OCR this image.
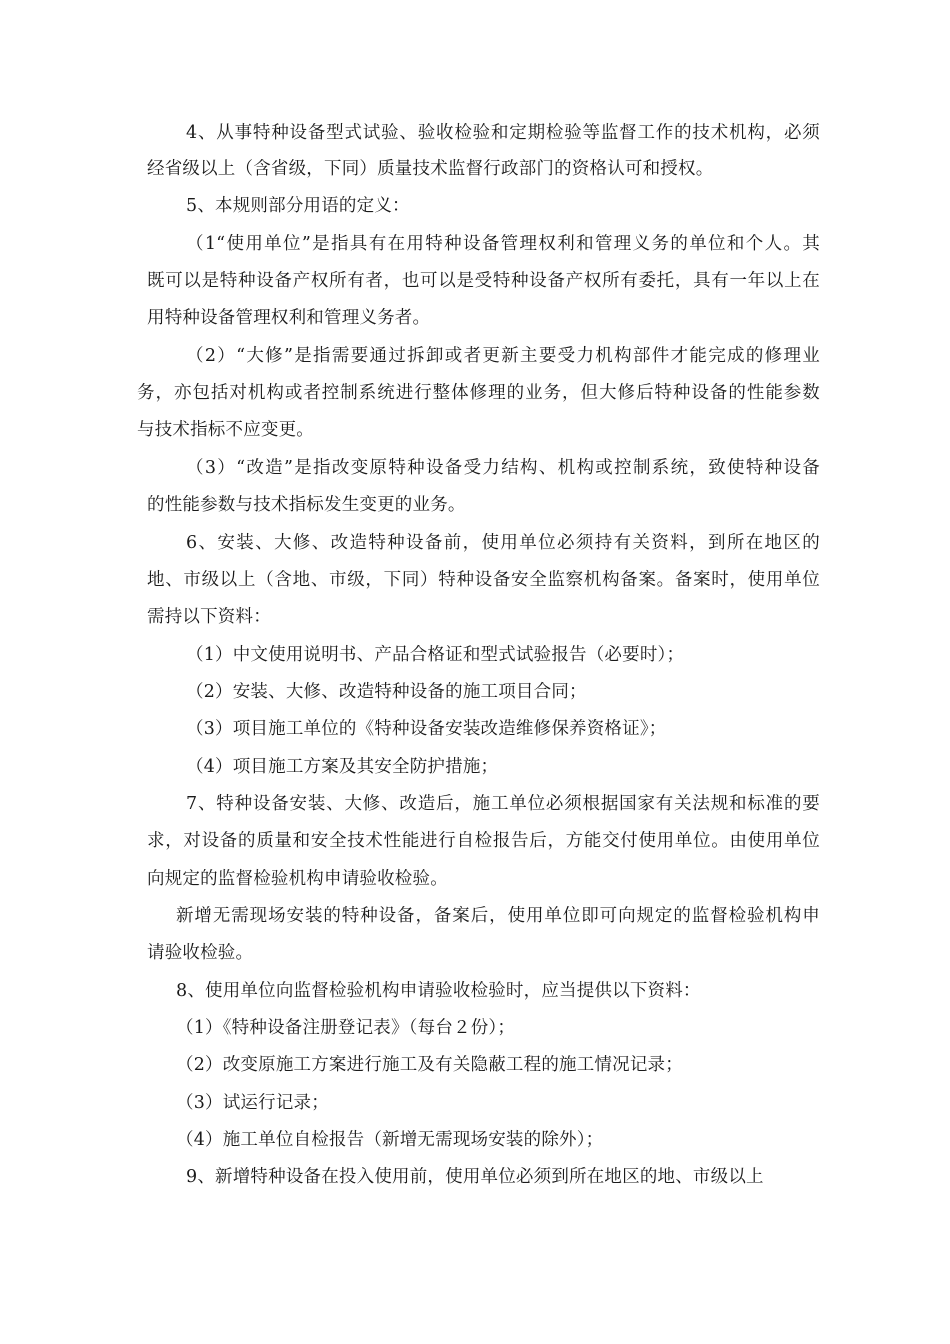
4、从事特种设备型式试验、验收检验和定期检验等监督工作的技术机构，必须
经省级以上（含省级，下同）质量技术监督行政部门的资格认可和授权。
5、本规则部分用语的定义：
（1“使用单位”是指具有在用特种设备管理权利和管理义务的单位和个人。其
既可以是特种设备产权所有者，也可以是受特种设备产权所有委托，具有一年以上在
用特种设备管理权利和管理义务者。
（2）“大修”是指需要通过拆卸或者更新主要受力机构部件才能完成的修理业
务，亦包括对机构或者控制系统进行整体修理的业务，但大修后特种设备的性能参数
与技术指标不应变更。
（3）“改造”是指改变原特种设备受力结构、机构或控制系统，致使特种设备
的性能参数与技术指标发生变更的业务。
6、安装、大修、改造特种设备前，使用单位必须持有关资料，到所在地区的
地、市级以上（含地、市级，下同）特种设备安全监察机构备案。备案时，使用单位
需持以下资料：
（1）中文使用说明书、产品合格证和型式试验报告（必要时）；
（2）安装、大修、改造特种设备的施工项目合同；
（3）项目施工单位的《特种设备安装改造维修保养资格证》；
（4）项目施工方案及其安全防护措施；
7、特种设备安装、大修、改造后，施工单位必须根据国家有关法规和标准的要
求，对设备的质量和安全技术性能进行自检报告后，方能交付使用单位。由使用单位
向规定的监督检验机构申请验收检验。
新增无需现场安装的特种设备，备案后，使用单位即可向规定的监督检验机构申
请验收检验。
8、使用单位向监督检验机构申请验收检验时，应当提供以下资料：
（1）《特种设备注册登记表》（每台２份）；
（2）改变原施工方案进行施工及有关隐蔽工程的施工情况记录；
（3）试运行记录；
（4）施工单位自检报告（新增无需现场安装的除外）；
9、新增特种设备在投入使用前，使用单位必须到所在地区的地、市级以上
